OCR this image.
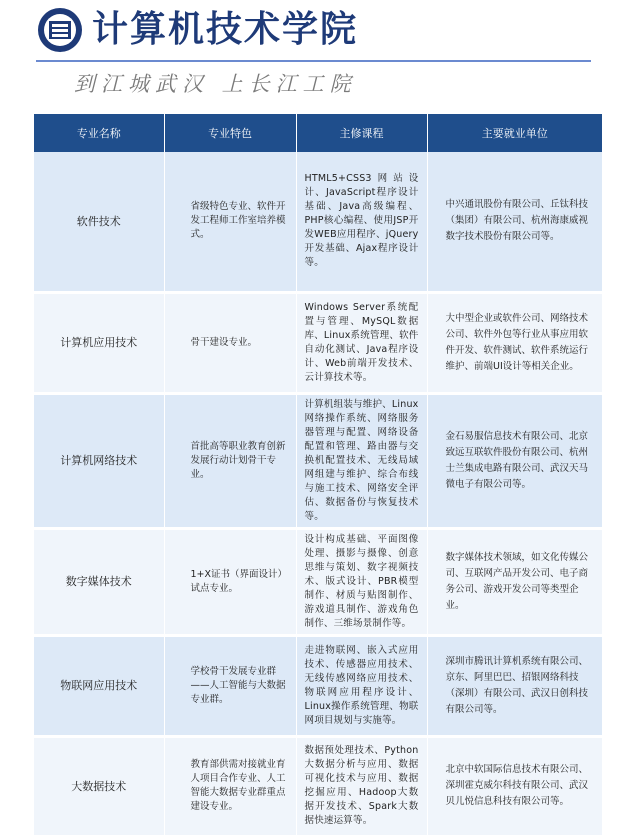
院
计算机技术学院
到江城武汉 上长江工院
专业名称	专业特色	主修课程	主要就业单位
软件技术	省级特色专业、软件开发工程师工作室培养模式。	HTML5+CSS3网站设计、JavaScript程序设计基础、Java高级编程、PHP核心编程、使用JSP开发WEB应用程序、jQuery开发基础、Ajax程序设计等。	中兴通讯股份有限公司、丘钛科技（集团）有限公司、杭州海康威视数字技术股份有限公司等。
计算机应用技术	骨干建设专业。	Windows Server系统配置与管理、MySQL数据库、Linux系统管理、软件自动化测试、Java程序设计、Web前端开发技术、云计算技术等。	大中型企业或软件公司、网络技术公司、软件外包等行业从事应用软件开发、软件测试、软件系统运行维护、前端UI设计等相关企业。
计算机网络技术	首批高等职业教育创新发展行动计划骨干专业。	计算机组装与维护、Linux网络操作系统、网络服务器管理与配置、网络设备配置和管理、路由器与交换机配置技术、无线局域网组建与维护、综合布线与施工技术、网络安全评估、数据备份与恢复技术等。	金石易服信息技术有限公司、北京致远互联软件股份有限公司、杭州士兰集成电路有限公司、武汉天马微电子有限公司等。
数字媒体技术	1+X证书（界面设计）试点专业。	设计构成基础、平面图像处理、摄影与摄像、创意思维与策划、数字视频技术、版式设计、PBR模型制作、材质与贴图制作、游戏道具制作、游戏角色制作、三维场景制作等。	数字媒体技术领域，如文化传媒公司、互联网产品开发公司、电子商务公司、游戏开发公司等类型企业。
物联网应用技术	学校骨干发展专业群——人工智能与大数据专业群。	走进物联网、嵌入式应用技术、传感器应用技术、无线传感网络应用技术、物联网应用程序设计、Linux操作系统管理、物联网项目规划与实施等。	深圳市腾讯计算机系统有限公司、京东、阿里巴巴、招银网络科技（深圳）有限公司、武汉日创科技有限公司等。
大数据技术	教育部供需对接就业育人项目合作专业、人工智能大数据专业群重点建设专业。	数据预处理技术、Python大数据分析与应用、数据可视化技术与应用、数据挖掘应用、Hadoop大数据开发技术、Spark大数据快速运算等。	北京中软国际信息技术有限公司、深圳霍克威尔科技有限公司、武汉贝儿悦信息科技有限公司等。
